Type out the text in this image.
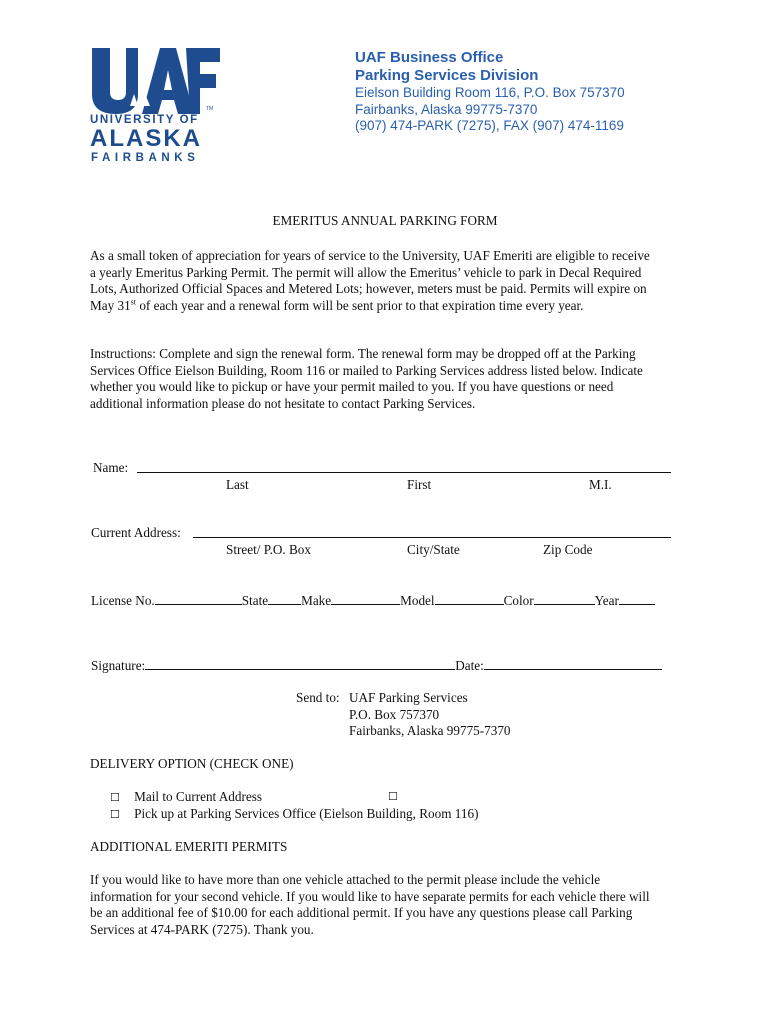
TM
UNIVERSITY OF
ALASKA
FAIRBANKS
UAF Business Office
Parking Services Division
Eielson Building Room 116, P.O. Box 757370
Fairbanks, Alaska 99775-7370
(907) 474-PARK (7275), FAX (907) 474-1169
EMERITUS ANNUAL PARKING FORM
As a small token of appreciation for years of service to the University, UAF Emeriti are eligible to receive
a yearly Emeritus Parking Permit. The permit will allow the Emeritus’ vehicle to park in Decal Required
Lots, Authorized Official Spaces and Metered Lots; however, meters must be paid. Permits will expire on
May 31st of each year and a renewal form will be sent prior to that expiration time every year.
Instructions: Complete and sign the renewal form. The renewal form may be dropped off at the Parking
Services Office Eielson Building, Room 116 or mailed to Parking Services address listed below. Indicate
whether you would like to pickup or have your permit mailed to you. If you have questions or need
additional information please do not hesitate to contact Parking Services.
Name:
Last	First	M.I.
Current Address:
Street/ P.O. Box	City/State	Zip Code
License No.	State	Make	Model	Color	Year
Signature:	Date:
Send to: UAF Parking Services
P.O. Box 757370
Fairbanks, Alaska 99775-7370
DELIVERY OPTION (CHECK ONE)
☐ Mail to Current Address	☐
☐ Pick up at Parking Services Office (Eielson Building, Room 116)
ADDITIONAL EMERITI PERMITS
If you would like to have more than one vehicle attached to the permit please include the vehicle
information for your second vehicle. If you would like to have separate permits for each vehicle there will
be an additional fee of $10.00 for each additional permit. If you have any questions please call Parking
Services at 474-PARK (7275). Thank you.
